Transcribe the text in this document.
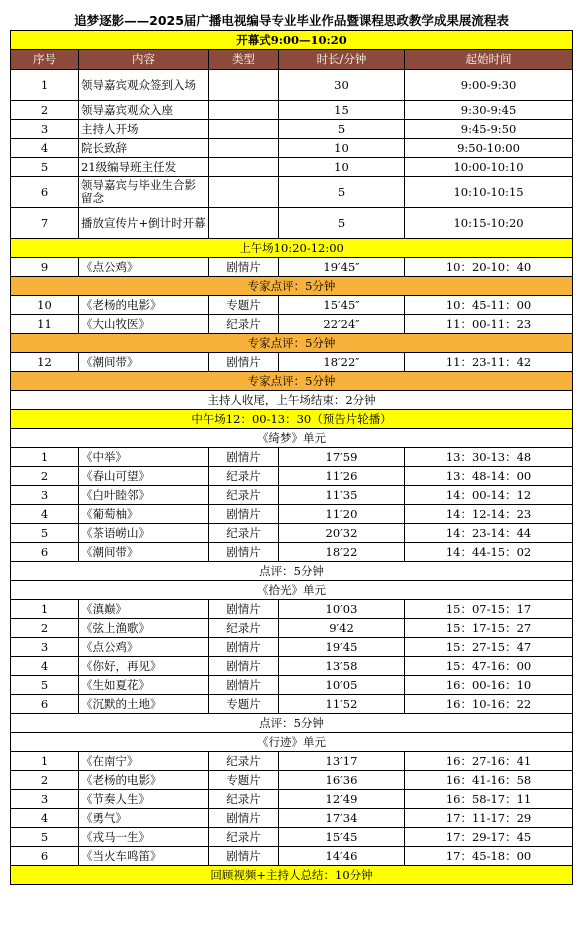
追梦逐影——2025届广播电视编导专业毕业作品暨课程思政教学成果展流程表				
开幕式9:00—10:20				
序号	内容	类型	时长/分钟	起始时间
1	领导嘉宾观众签到入场		30	9:00-9:30
2	领导嘉宾观众入座		15	9:30-9:45
3	主持人开场		5	9:45-9:50
4	院长致辞		10	9:50-10:00
5	21级编导班主任发		10	10:00-10:10
6	领导嘉宾与毕业生合影留念		5	10:10-10:15
7	播放宣传片+倒计时开幕		5	10:15-10:20
上午场10:20-12:00				
9	《点公鸡》	剧情片	19′45″	10：20-10：40
专家点评：5分钟				
10	《老杨的电影》	专题片	15′45″	10：45-11：00
11	《大山牧医》	纪录片	22′24″	11：00-11：23
专家点评：5分钟				
12	《潮间带》	剧情片	18′22″	11：23-11：42
专家点评：5分钟				
主持人收尾，上午场结束：2分钟				
中午场12：00-13：30（预告片轮播）				
《绮梦》单元				
1	《中举》	剧情片	17′59	13：30-13：48
2	《春山可望》	纪录片	11′26	13：48-14：00
3	《白叶睦邻》	纪录片	11′35	14：00-14：12
4	《葡萄柚》	剧情片	11′20	14：12-14：23
5	《茶语崂山》	纪录片	20′32	14：23-14：44
6	《潮间带》	剧情片	18′22	14：44-15：02
点评：5分钟				
《拾光》单元				
1	《滇巅》	剧情片	10′03	15：07-15：17
2	《弦上渔歌》	纪录片	9′42	15：17-15：27
3	《点公鸡》	剧情片	19′45	15：27-15：47
4	《你好，再见》	剧情片	13′58	15：47-16：00
5	《生如夏花》	剧情片	10′05	16：00-16：10
6	《沉默的土地》	专题片	11′52	16：10-16：22
点评：5分钟				
《行迹》单元				
1	《在南宁》	纪录片	13′17	16：27-16：41
2	《老杨的电影》	专题片	16′36	16：41-16：58
3	《节奏人生》	纪录片	12′49	16：58-17：11
4	《勇气》	剧情片	17′34	17：11-17：29
5	《戎马一生》	纪录片	15′45	17：29-17：45
6	《当火车鸣笛》	剧情片	14′46	17：45-18：00
回顾视频+主持人总结：10分钟				
